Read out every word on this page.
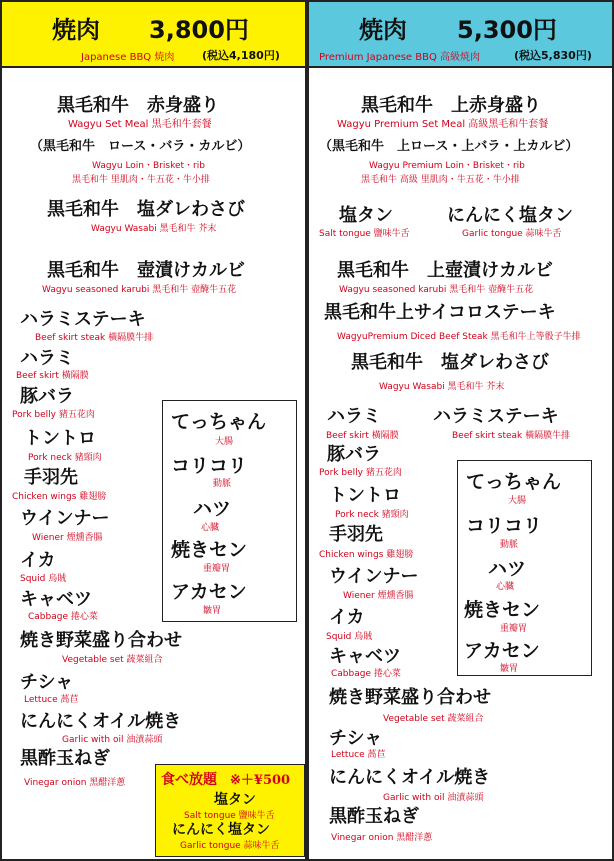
焼肉 3,800円
Japanese BBQ 焼肉	(税込4,180円)
黒毛和牛　赤身盛り
Wagyu Set Meal 黒毛和牛套餐
（黒毛和牛　ロース・バラ・カルビ）
Wagyu Loin・Brisket・rib
黒毛和牛 里肌肉・牛五花・牛小排
黒毛和牛　塩ダレわさび
Wagyu Wasabi 黑毛和牛 芥末
黒毛和牛　壺漬けカルビ
Wagyu seasoned karubi 黑毛和牛 壺醃牛五花
ハラミステーキ
Beef skirt steak 橫隔膜牛排
ハラミ
Beef skirt 橫隔膜
豚バラ
Pork belly 豬五花肉
トントロ
Pork neck 豬頸肉
手羽先
Chicken wings 雞翅膀
ウインナー
Wiener 煙燻香腸
イカ
Squid 烏賊
キャベツ
Cabbage 捲心菜
焼き野菜盛り合わせ
Vegetable set 蔬菜組合
チシャ
Lettuce 萵苣
にんにくオイル焼き
Garlic with oil 油漬蒜頭
黒酢玉ねぎ
Vinegar onion 黑醋洋蔥
てっちゃん
大腸
コリコリ
動脈
ハツ
心臓
焼きセン
重瓣胃
アカセン
皺胃
食べ放題 ※＋¥500
塩タン
Salt tongue 鹽味牛舌
にんにく塩タン
Garlic tongue 蒜味牛舌
焼肉 5,300円
Premium Japanese BBQ 高級焼肉	(税込5,830円)
黒毛和牛　上赤身盛り
Wagyu Premium Set Meal 高級黑毛和牛套餐
（黒毛和牛　上ロース・上バラ・上カルビ）
Wagyu Premium Loin・Brisket・rib
黒毛和牛 高級 里肌肉・牛五花・牛小排
塩タン
Salt tongue 鹽味牛舌
にんにく塩タン
Garlic tongue 蒜味牛舌
黒毛和牛　上壺漬けカルビ
Wagyu seasoned karubi 黑毛和牛 壺醃牛五花
黒毛和牛上サイコロステーキ
WagyuPremium Diced Beef Steak 黑毛和牛上等骰子牛排
黒毛和牛　塩ダレわさび
Wagyu Wasabi 黑毛和牛 芥末
ハラミ
Beef skirt 橫隔膜
ハラミステーキ
Beef skirt steak 橫隔膜牛排
豚バラ
Pork belly 豬五花肉
トントロ
Pork neck 豬頸肉
手羽先
Chicken wings 雞翅膀
ウインナー
Wiener 煙燻香腸
イカ
Squid 烏賊
キャベツ
Cabbage 捲心菜
焼き野菜盛り合わせ
Vegetable set 蔬菜組合
チシャ
Lettuce 萵苣
にんにくオイル焼き
Garlic with oil 油漬蒜頭
黒酢玉ねぎ
Vinegar onion 黑醋洋蔥
てっちゃん
大腸
コリコリ
動脈
ハツ
心臓
焼きセン
重瓣胃
アカセン
皺胃
